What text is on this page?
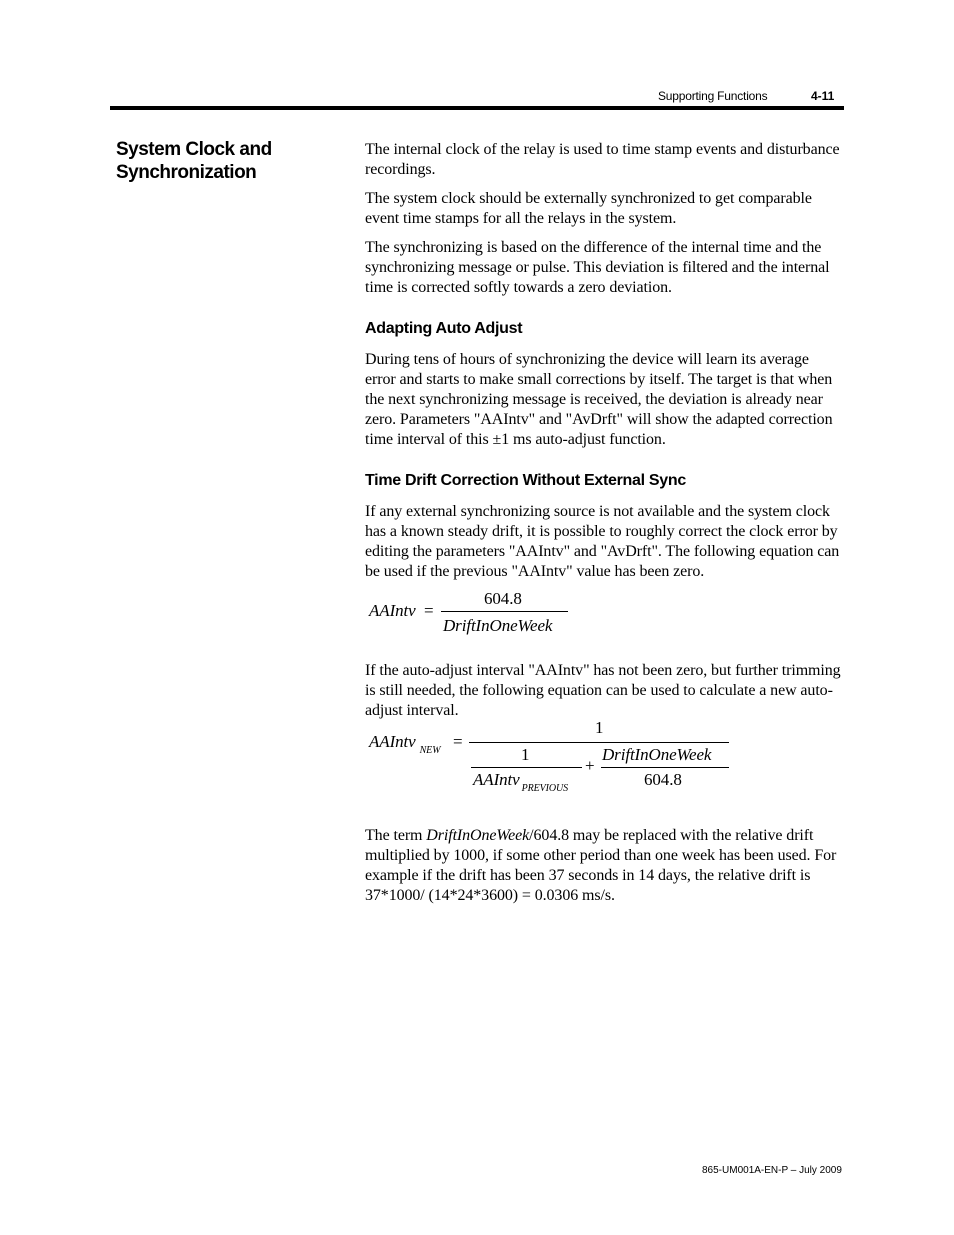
Supporting Functions	4-11
System Clock and Synchronization

The internal clock of the relay is used to time stamp events and disturbance recordings.

The system clock should be externally synchronized to get comparable event time stamps for all the relays in the system.

The synchronizing is based on the difference of the internal time and the synchronizing message or pulse. This deviation is filtered and the internal time is corrected softly towards a zero deviation.

Adapting Auto Adjust

During tens of hours of synchronizing the device will learn its average error and starts to make small corrections by itself. The target is that when the next synchronizing message is received, the deviation is already near zero. Parameters "AAIntv" and "AvDrft" will show the adapted correction time interval of this ±1 ms auto-adjust function.

Time Drift Correction Without External Sync

If any external synchronizing source is not available and the system clock has a known steady drift, it is possible to roughly correct the clock error by editing the parameters "AAIntv" and "AvDrft". The following equation can be used if the previous "AAIntv" value has been zero.

AAIntv =
604.8
DriftInOneWeek

If the auto-adjust interval "AAIntv" has not been zero, but further trimming is still needed, the following equation can be used to calculate a new auto-adjust interval.

AAIntv $_{NEW}$ =
1
1
AAIntv $_{PREVIOUS}$
+
DriftInOneWeek
604.8

The term DriftInOneWeek/604.8 may be replaced with the relative drift multiplied by 1000, if some other period than one week has been used. For example if the drift has been 37 seconds in 14 days, the relative drift is 37*1000/ (14*24*3600) = 0.0306 ms/s.

865-UM001A-EN-P – July 2009
